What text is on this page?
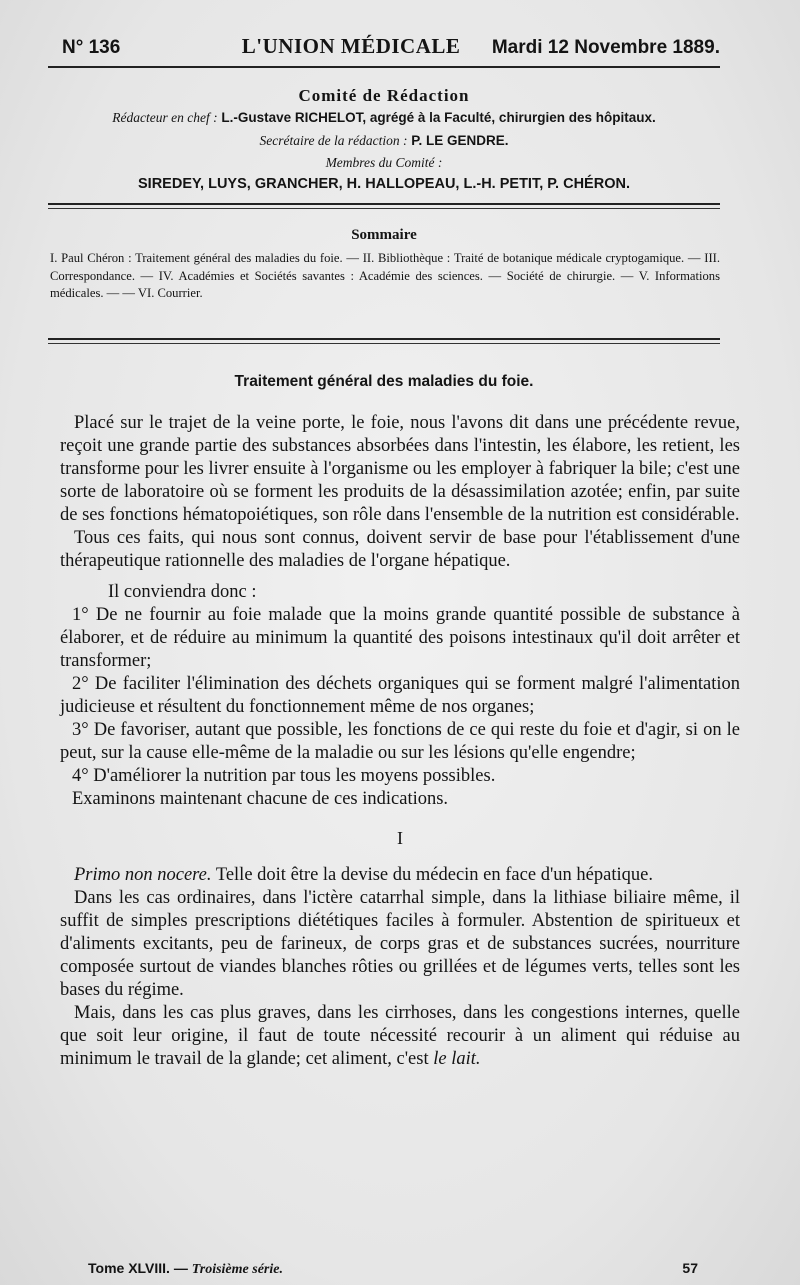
N° 136	L'UNION MÉDICALE Mardi 12 Novembre 1889.
Comité de Rédaction
Rédacteur en chef : L.-Gustave RICHELOT, agrégé à la Faculté, chirurgien des hôpitaux.
Secrétaire de la rédaction : P. LE GENDRE.
Membres du Comité :
SIREDEY, LUYS, GRANCHER, H. HALLOPEAU, L.-H. PETIT, P. CHÉRON.
Sommaire
I. Paul Chéron : Traitement général des maladies du foie. — II. Bibliothèque : Traité de botanique médicale cryptogamique. — III. Correspondance. — IV. Académies et Sociétés savantes : Académie des sciences. — Société de chirurgie. — V. Informations médicales. — — VI. Courrier.
Traitement général des maladies du foie.

Placé sur le trajet de la veine porte, le foie, nous l'avons dit dans une précédente revue, reçoit une grande partie des substances absorbées dans l'intestin, les élabore, les retient, les transforme pour les livrer ensuite à l'organisme ou les employer à fabriquer la bile; c'est une sorte de laboratoire où se forment les produits de la désassimilation azotée; enfin, par suite de ses fonctions hématopoiétiques, son rôle dans l'ensemble de la nutrition est considérable.

Tous ces faits, qui nous sont connus, doivent servir de base pour l'établissement d'une thérapeutique rationnelle des maladies de l'organe hépatique.

Il conviendra donc :

1° De ne fournir au foie malade que la moins grande quantité possible de substance à élaborer, et de réduire au minimum la quantité des poisons intestinaux qu'il doit arrêter et transformer;

2° De faciliter l'élimination des déchets organiques qui se forment malgré l'alimentation judicieuse et résultent du fonctionnement même de nos organes;

3° De favoriser, autant que possible, les fonctions de ce qui reste du foie et d'agir, si on le peut, sur la cause elle-même de la maladie ou sur les lésions qu'elle engendre;

4° D'améliorer la nutrition par tous les moyens possibles.

Examinons maintenant chacune de ces indications.

I

Primo non nocere. Telle doit être la devise du médecin en face d'un hépatique.

Dans les cas ordinaires, dans l'ictère catarrhal simple, dans la lithiase biliaire même, il suffit de simples prescriptions diététiques faciles à formuler. Abstention de spiritueux et d'aliments excitants, peu de farineux, de corps gras et de substances sucrées, nourriture composée surtout de viandes blanches rôties ou grillées et de légumes verts, telles sont les bases du régime.

Mais, dans les cas plus graves, dans les cirrhoses, dans les congestions internes, quelle que soit leur origine, il faut de toute nécessité recourir à un aliment qui réduise au minimum le travail de la glande; cet aliment, c'est le lait.

Tome XLVIII. — Troisième série.	57
